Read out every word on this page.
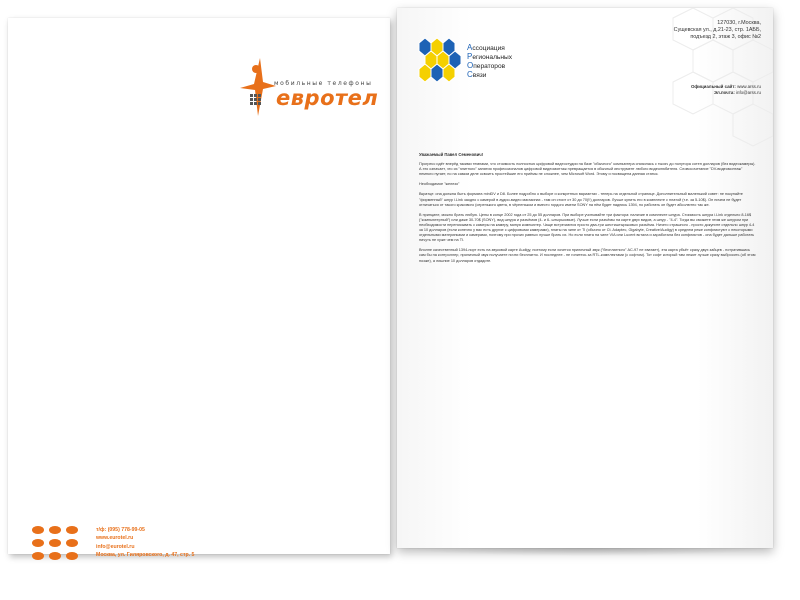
мобильные телефоны
евротел
т/ф: (095) 778-99-05
www.eurotel.ru
info@eurotel.ru
Москва, ул. Гиляровского, д. 47, стр. 5
Ассоциация
Региональных
Операторов
Связи
127030, г.Москва,
Сущевская ул., д.21-23, стр. 1АББ,
подъезд 2, этаж 3, офис №2
Официальный сайт: www.arss.ru
Эл.почта: info@arss.ru
Уважаемый Павел Семенович!

Прогресс идёт вперёд такими темпами, что стоимость полностью цифровой видеостудии на базе "обычного" компьютера снизилась с тысяч до полутора сотен долларов (без видеокамеры). А это означает, что из "элитного" занятия профессионалов цифровой видеомонтаж превращается в обычный инструмент любого видеолюбителя. Словосочетание "DV-видеомонтаж" немного пугает, но на самом деле освоить простейшие его приёмы не сложнее, чем Microsoft Word. Этому и посвящена данная статья.

Необходимое "железо"

Вкратце: она должна быть формата miniDV и D8. Более подробно о выборе и конкретных вариантах - теперь на отдельной странице. Дополнительный маленький совет: не покупайте "фирменный" шнур i.Link заодно с камерой в аудио-видео магазинах - там он стоит от 30 до 70(!!) долларов. Лучше купить его в комплекте с платой (т.е. за 5-10$). Он ничем не будет отличаться от такого красивого (серенького цвета, в чёрненьком и вместо гордого имени SONY на нём будет надпись 1394, но работать он будет абсолютно так же.

В принципе, можно брать любую. Цены в конце 2002 года от 25 до 55 долларов. При выборе учитывайте три фактора: наличие в комплекте шнура. Стоимость шнура i.Link отдельно 8-16$ ("компьютерный") или даже 30-70$ (SONY), вид шнура и разъёмов (4- и 6- штырьковые). Лучше если разъёмы на карте двух видов, а шнур - "4-4". Тогда вы сможете этим же шнуром при необходимости переписывать с камеры на камеру, минуя компьютер. Чаще встречаются просто два-три шестиштырьковых разъёма. Ничего страшного - просто докупите отдельно шнур 4-4 за 10 долларов (если конечно у вас есть другие с цифровыми камерами), платы на чипе от TI (обычно от Ct. Adaptec, Gigabyte, Creative/Audigy) в среднем реже конфликтуют с некоторыми отдельными материнками и камерами, поэтому при прочих равных лучше брать их. Но если плата на чипе VIA или Lucent встала и заработала без конфликтов - она будет дальше работать ничуть не хуже чем на TI.

Вполне качественный 1394-порт есть на звуковой карте Audigy, поэтому если хочется приличный звук ("бесплатного" AC-97 не хватает), эта карта убьёт сразу двух зайцев - потратившись сам бы на контроллер, приличный звук получаете почти бесплатно. И последнее - не гонитесь за RTL-комплектами (с софтом). Тот софт который там лежит лучше сразу выбросить (об этом позже), а лишние 10 долларов отдадите.
